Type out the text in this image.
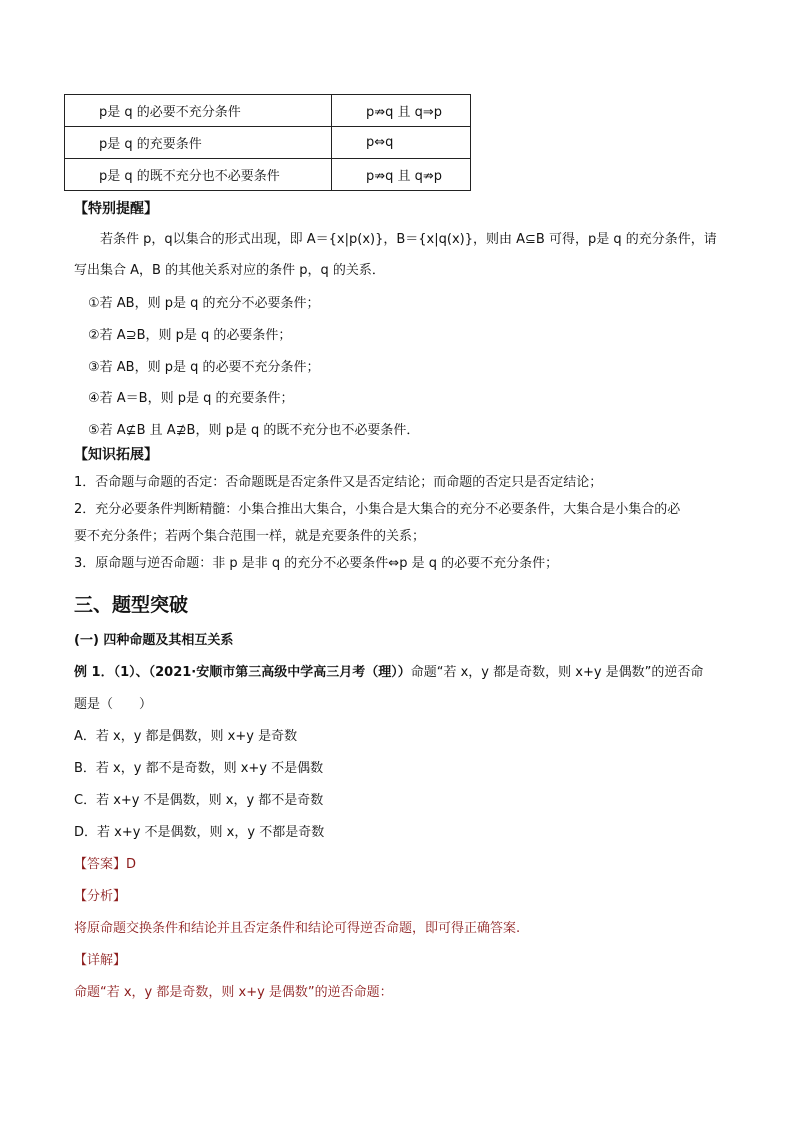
p是 q 的必要不充分条件	p⇏q 且 q⇒p
p是 q 的充要条件	p⇔q
p是 q 的既不充分也不必要条件	p⇏q 且 q⇏p
【特别提醒】
若条件 p，q以集合的形式出现，即 A＝{x|p(x)}，B＝{x|q(x)}，则由 A⊆B 可得，p是 q 的充分条件，请
写出集合 A，B 的其他关系对应的条件 p，q 的关系．
①若 AB，则 p是 q 的充分不必要条件；
②若 A⊇B，则 p是 q 的必要条件；
③若 AB，则 p是 q 的必要不充分条件；
④若 A＝B，则 p是 q 的充要条件；
⑤若 A⊈B 且 A⊉B，则 p是 q 的既不充分也不必要条件．
【知识拓展】
1．否命题与命题的否定：否命题既是否定条件又是否定结论；而命题的否定只是否定结论；
2．充分必要条件判断精髓：小集合推出大集合，小集合是大集合的充分不必要条件，大集合是小集合的必
要不充分条件；若两个集合范围一样，就是充要条件的关系；
3．原命题与逆否命题：非 p 是非 q 的充分不必要条件⇔p 是 q 的必要不充分条件；
三、题型突破
(一) 四种命题及其相互关系
例 1．（1）、（2021·安顺市第三高级中学高三月考（理））命题“若 x，y 都是奇数，则 x+y 是偶数”的逆否命
题是（　　）
A．若 x，y 都是偶数，则 x+y 是奇数
B．若 x，y 都不是奇数，则 x+y 不是偶数
C．若 x+y 不是偶数，则 x，y 都不是奇数
D．若 x+y 不是偶数，则 x，y 不都是奇数
【答案】D
【分析】
将原命题交换条件和结论并且否定条件和结论可得逆否命题，即可得正确答案.
【详解】
命题“若 x，y 都是奇数，则 x+y 是偶数”的逆否命题：
